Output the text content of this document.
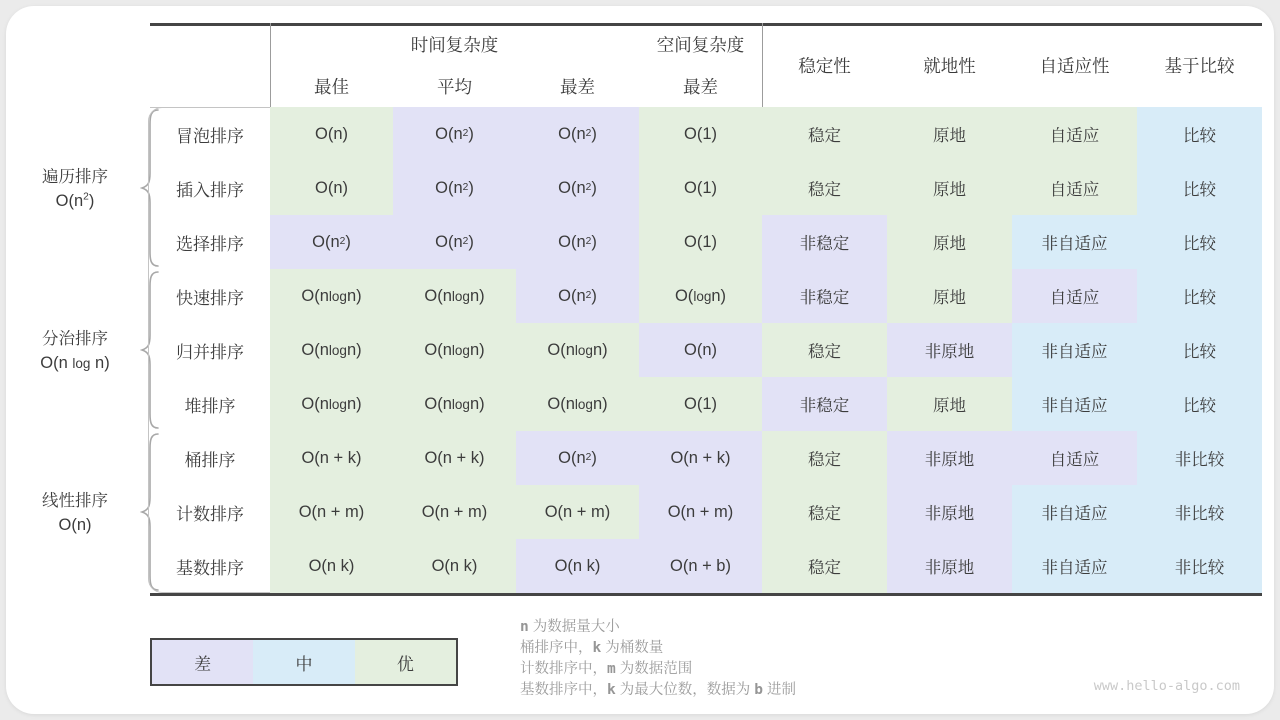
遍历排序
$O(n^2)$
分治排序
O(n log n)
线性排序
O(n)
时间复杂度	空间复杂度
最佳	平均	最差	最差
稳定性	就地性	自适应性	基于比较
冒泡排序	O(n)	O(n 2 )	O(n 2 )	O(1)	稳定	原地	自适应	比较
插入排序	O(n)	O(n 2 )	O(n 2 )	O(1)	稳定	原地	自适应	比较
选择排序	O(n 2 )	O(n 2 )	O(n 2 )	O(1)	非稳定	原地	非自适应	比较
快速排序	O(n log n)	O(n log n)	O(n 2 )	O( log n)	非稳定	原地	自适应	比较
归并排序	O(n log n)	O(n log n)	O(n log n)	O(n)	稳定	非原地	非自适应	比较
堆排序	O(n log n)	O(n log n)	O(n log n)	O(1)	非稳定	原地	非自适应	比较
桶排序	O(n + k)	O(n + k)	O(n 2 )	O(n + k)	稳定	非原地	自适应	非比较
计数排序	O(n + m)	O(n + m)	O(n + m)	O(n + m)	稳定	非原地	非自适应	非比较
基数排序	O(n k)	O(n k)	O(n k)	O(n + b)	稳定	非原地	非自适应	非比较
差	中	优
n 为数据量大小
桶排序中，k 为桶数量
计数排序中，m 为数据范围
基数排序中，k 为最大位数，数据为 b 进制	www.hello-algo.com
